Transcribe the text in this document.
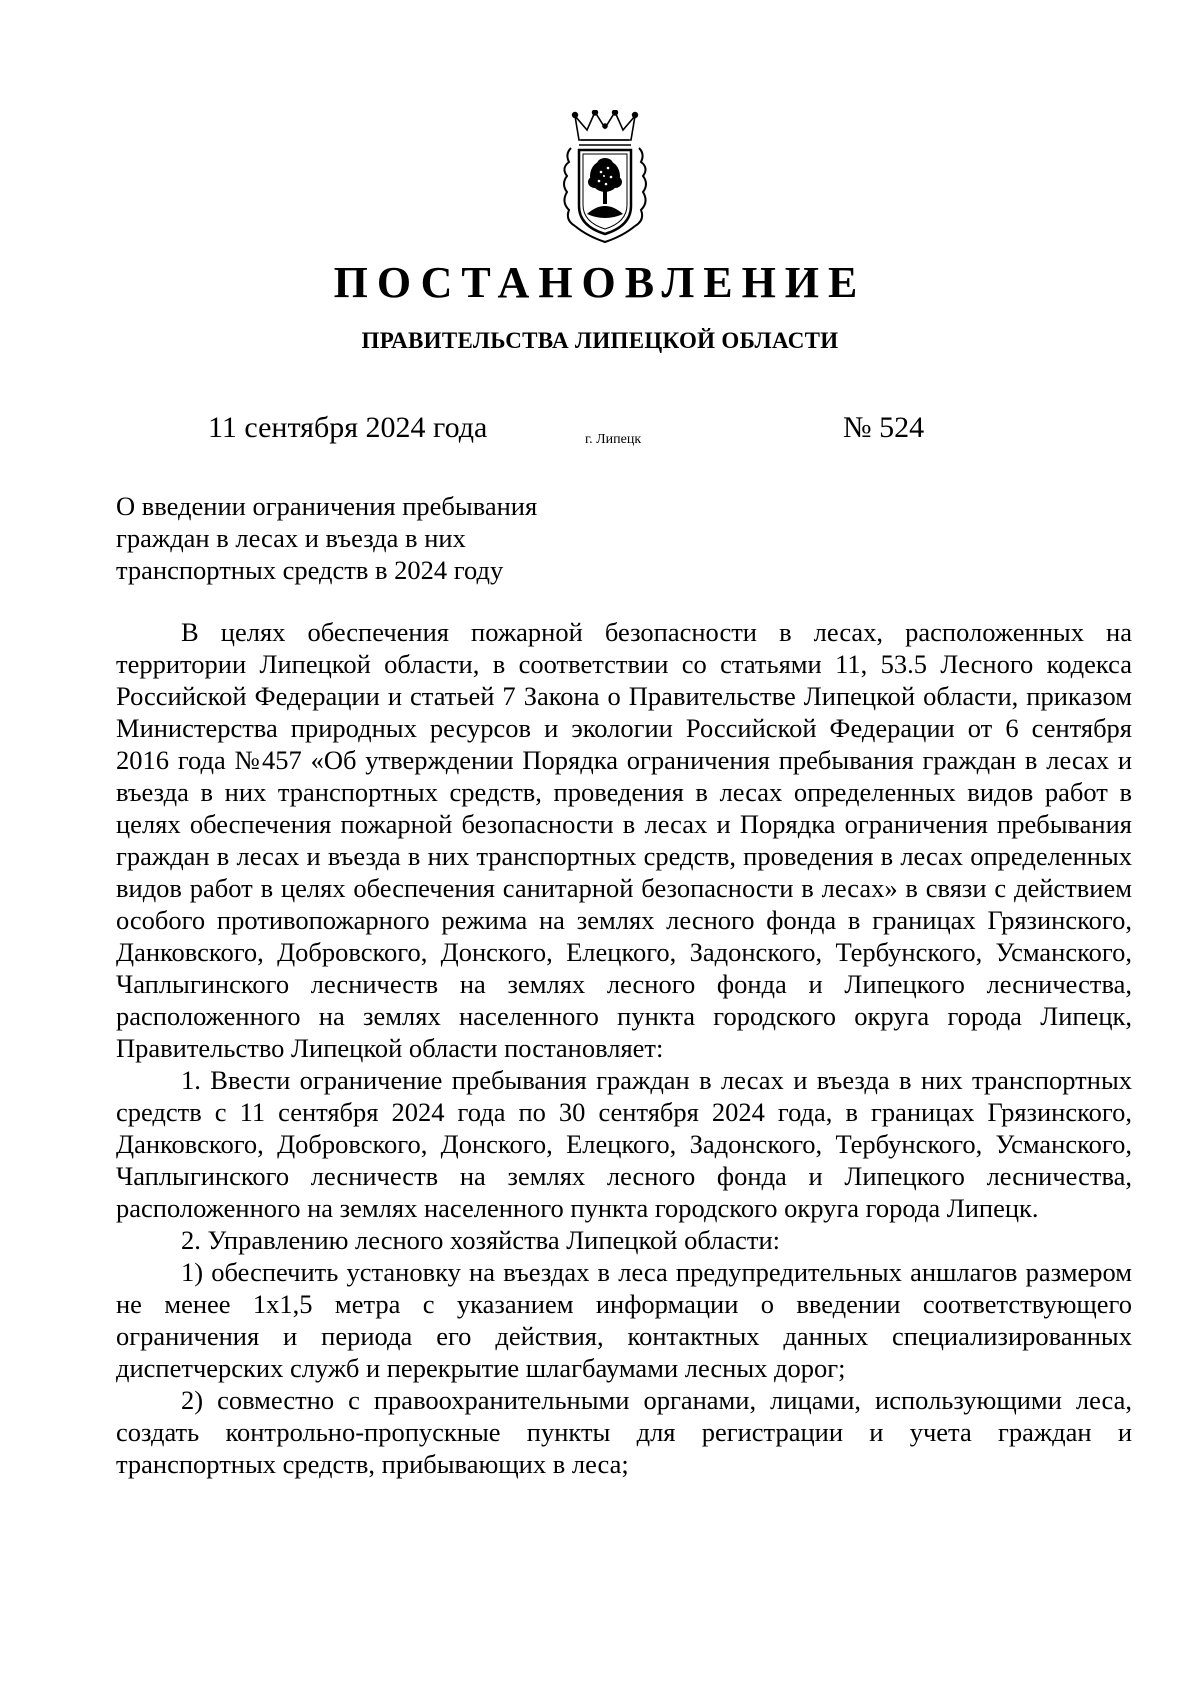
ПОСТАНОВЛЕНИЕ
ПРАВИТЕЛЬСТВА ЛИПЕЦКОЙ ОБЛАСТИ
11 сентября 2024 года	г. Липецк	№ 524
О введении ограничения пребывания
граждан в лесах и въезда в них
транспортных средств в 2024 году

В целях обеспечения пожарной безопасности в лесах, расположенных на территории Липецкой области, в соответствии со статьями 11, 53.5 Лесного кодекса Российской Федерации и статьей 7 Закона о Правительстве Липецкой области, приказом Министерства природных ресурсов и экологии Российской Федерации от 6 сентября 2016 года №457 «Об утверждении Порядка ограничения пребывания граждан в лесах и въезда в них транспортных средств, проведения в лесах определенных видов работ в целях обеспечения пожарной безопасности в лесах и Порядка ограничения пребывания граждан в лесах и въезда в них транспортных средств, проведения в лесах определенных видов работ в целях обеспечения санитарной безопасности в лесах» в связи с действием особого противопожарного режима на землях лесного фонда в границах Грязинского, Данковского, Добровского, Донского, Елецкого, Задонского, Тербунского, Усманского, Чаплыгинского лесничеств на землях лесного фонда и Липецкого лесничества, расположенного на землях населенного пункта городского округа города Липецк, Правительство Липецкой области постановляет:

1. Ввести ограничение пребывания граждан в лесах и въезда в них транспортных средств с 11 сентября 2024 года по 30 сентября 2024 года, в границах Грязинского, Данковского, Добровского, Донского, Елецкого, Задонского, Тербунского, Усманского, Чаплыгинского лесничеств на землях лесного фонда и Липецкого лесничества, расположенного на землях населенного пункта городского округа города Липецк.

2. Управлению лесного хозяйства Липецкой области:

1) обеспечить установку на въездах в леса предупредительных аншлагов размером не менее 1х1,5 метра с указанием информации о введении соответствующего ограничения и периода его действия, контактных данных специализированных диспетчерских служб и перекрытие шлагбаумами лесных дорог;

2) совместно с правоохранительными органами, лицами, использующими леса, создать контрольно-пропускные пункты для регистрации и учета граждан и транспортных средств, прибывающих в леса;
